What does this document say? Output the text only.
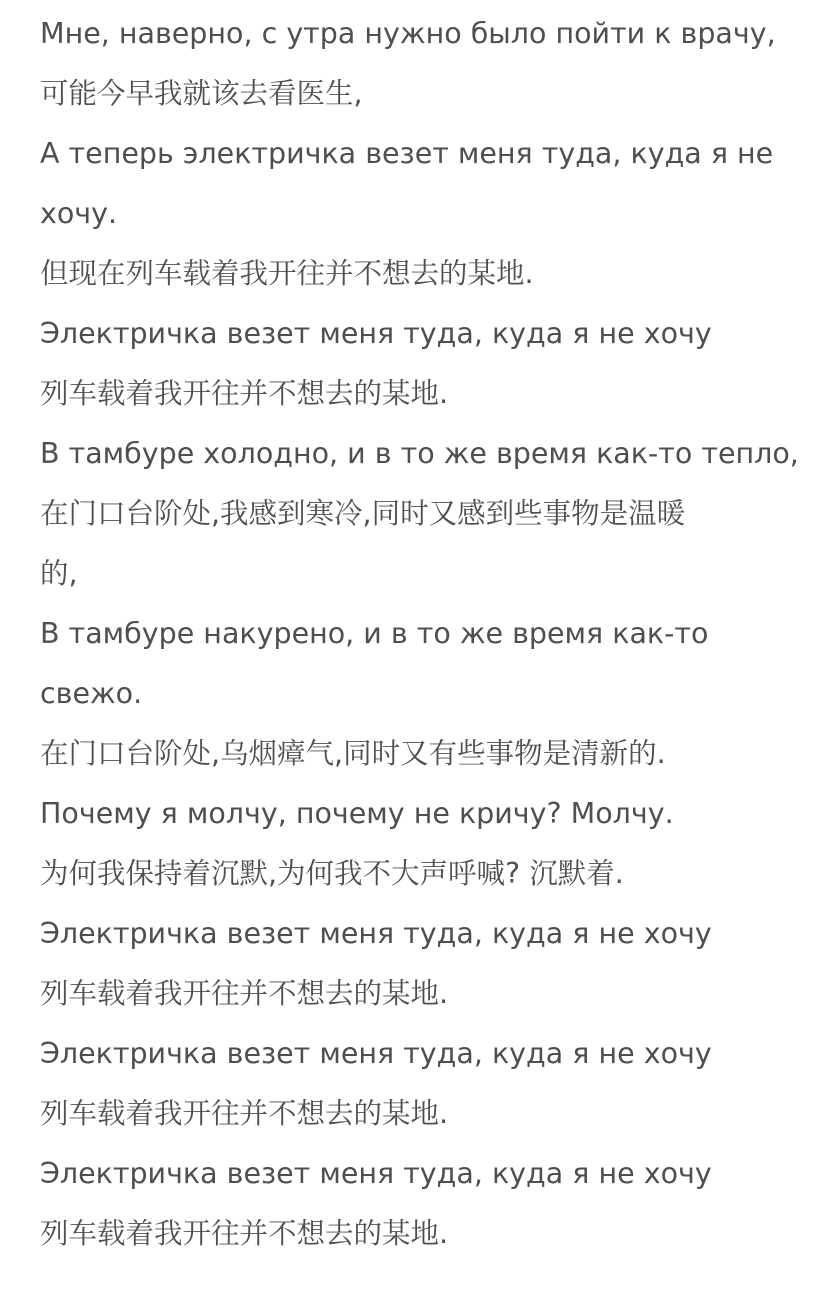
Мне, наверно, с утра нужно было пойти к врачу,

可能今早我就该去看医生,

А теперь электричка везет меня туда, куда я не

хочу.

但现在列车载着我开往并不想去的某地.

Электричка везет меня туда, куда я не хочу

列车载着我开往并不想去的某地.

В тамбуре холодно, и в то же время как-то тепло,

在门口台阶处,我感到寒冷,同时又感到些事物是温暖

的,

В тамбуре накурено, и в то же время как-то

свежо.

在门口台阶处,乌烟瘴气,同时又有些事物是清新的.

Почему я молчу, почему не кричу? Молчу.

为何我保持着沉默,为何我不大声呼喊? 沉默着.

Электричка везет меня туда, куда я не хочу

列车载着我开往并不想去的某地.

Электричка везет меня туда, куда я не хочу

列车载着我开往并不想去的某地.

Электричка везет меня туда, куда я не хочу

列车载着我开往并不想去的某地.
